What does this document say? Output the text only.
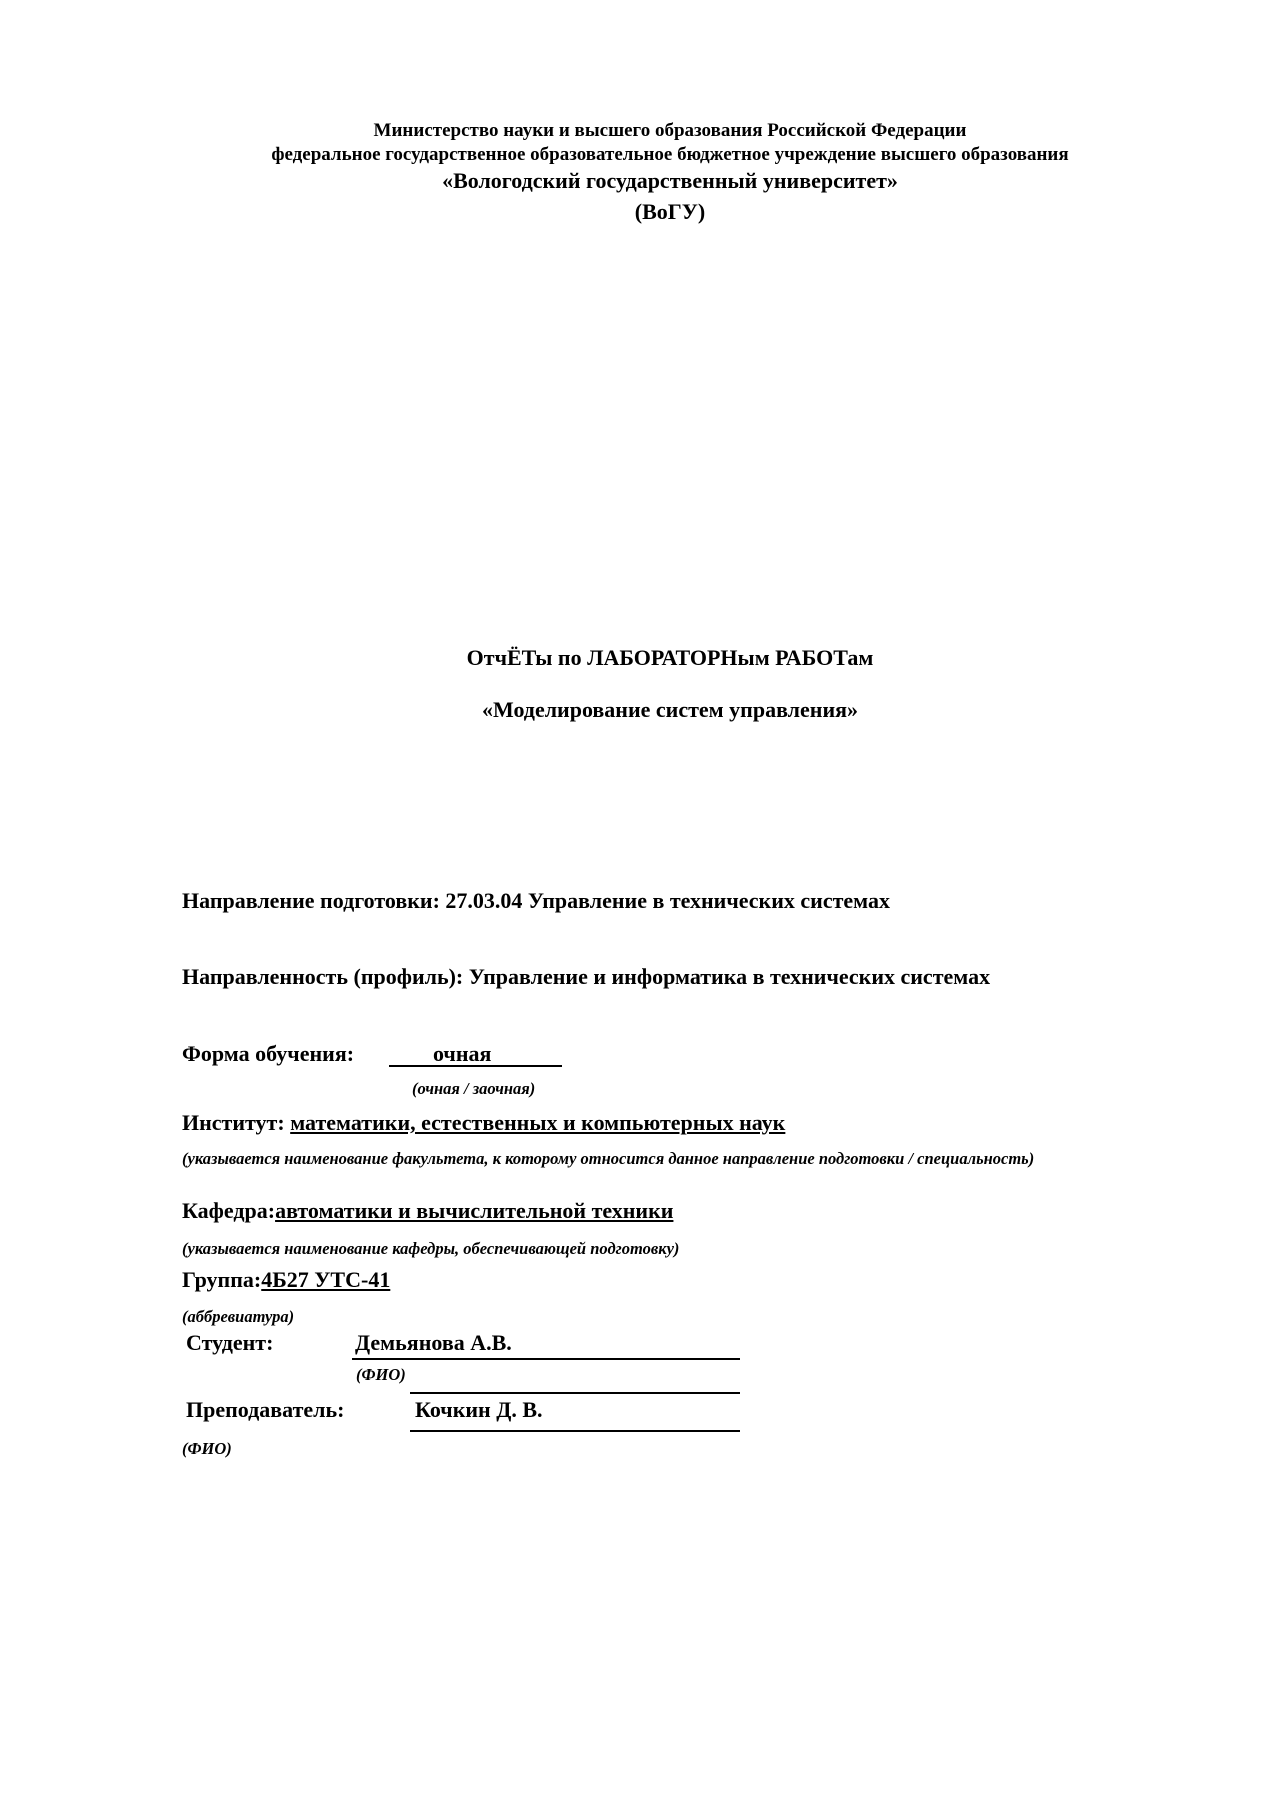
Министерство науки и высшего образования Российской Федерации
федеральное государственное образовательное бюджетное учреждение высшего образования
«Вологодский государственный университет»
(ВоГУ)
ОтчЁТы по ЛАБОРАТОРНым РАБОТам
«Моделирование систем управления»
Направление подготовки: 27.03.04 Управление в технических системах
Направленность (профиль): Управление и информатика в технических системах
Форма обучения:	очная
(очная / заочная)
Институт: математики, естественных и компьютерных наук
(указывается наименование факультета, к которому относится данное направление подготовки / специальность)
Кафедра:автоматики и вычислительной техники
(указывается наименование кафедры, обеспечивающей подготовку)
Группа:4Б27 УТС-41
(аббревиатура)
Студент:	Демьянова А.В.
(ФИО)
Преподаватель:	Кочкин Д. В.
(ФИО)
